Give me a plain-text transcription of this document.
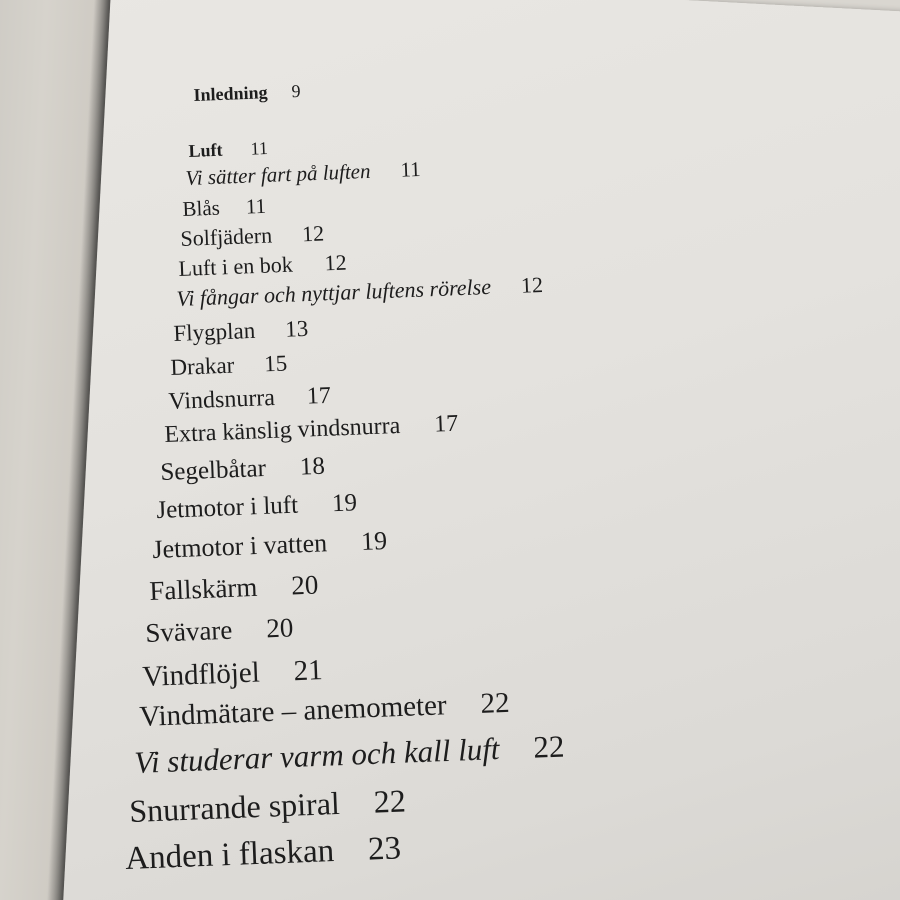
Inledning 9
Luft 11
Vi sätter fart på luften 11
Blås 11
Solfjädern 12
Luft i en bok 12
Vi fångar och nyttjar luftens rörelse 12
Flygplan 13
Drakar 15
Vindsnurra 17
Extra känslig vindsnurra 17
Segelbåtar 18
Jetmotor i luft 19
Jetmotor i vatten 19
Fallskärm 20
Svävare 20
Vindflöjel 21
Vindmätare – anemometer 22
Vi studerar varm och kall luft 22
Snurrande spiral 22
Anden i flaskan 23
